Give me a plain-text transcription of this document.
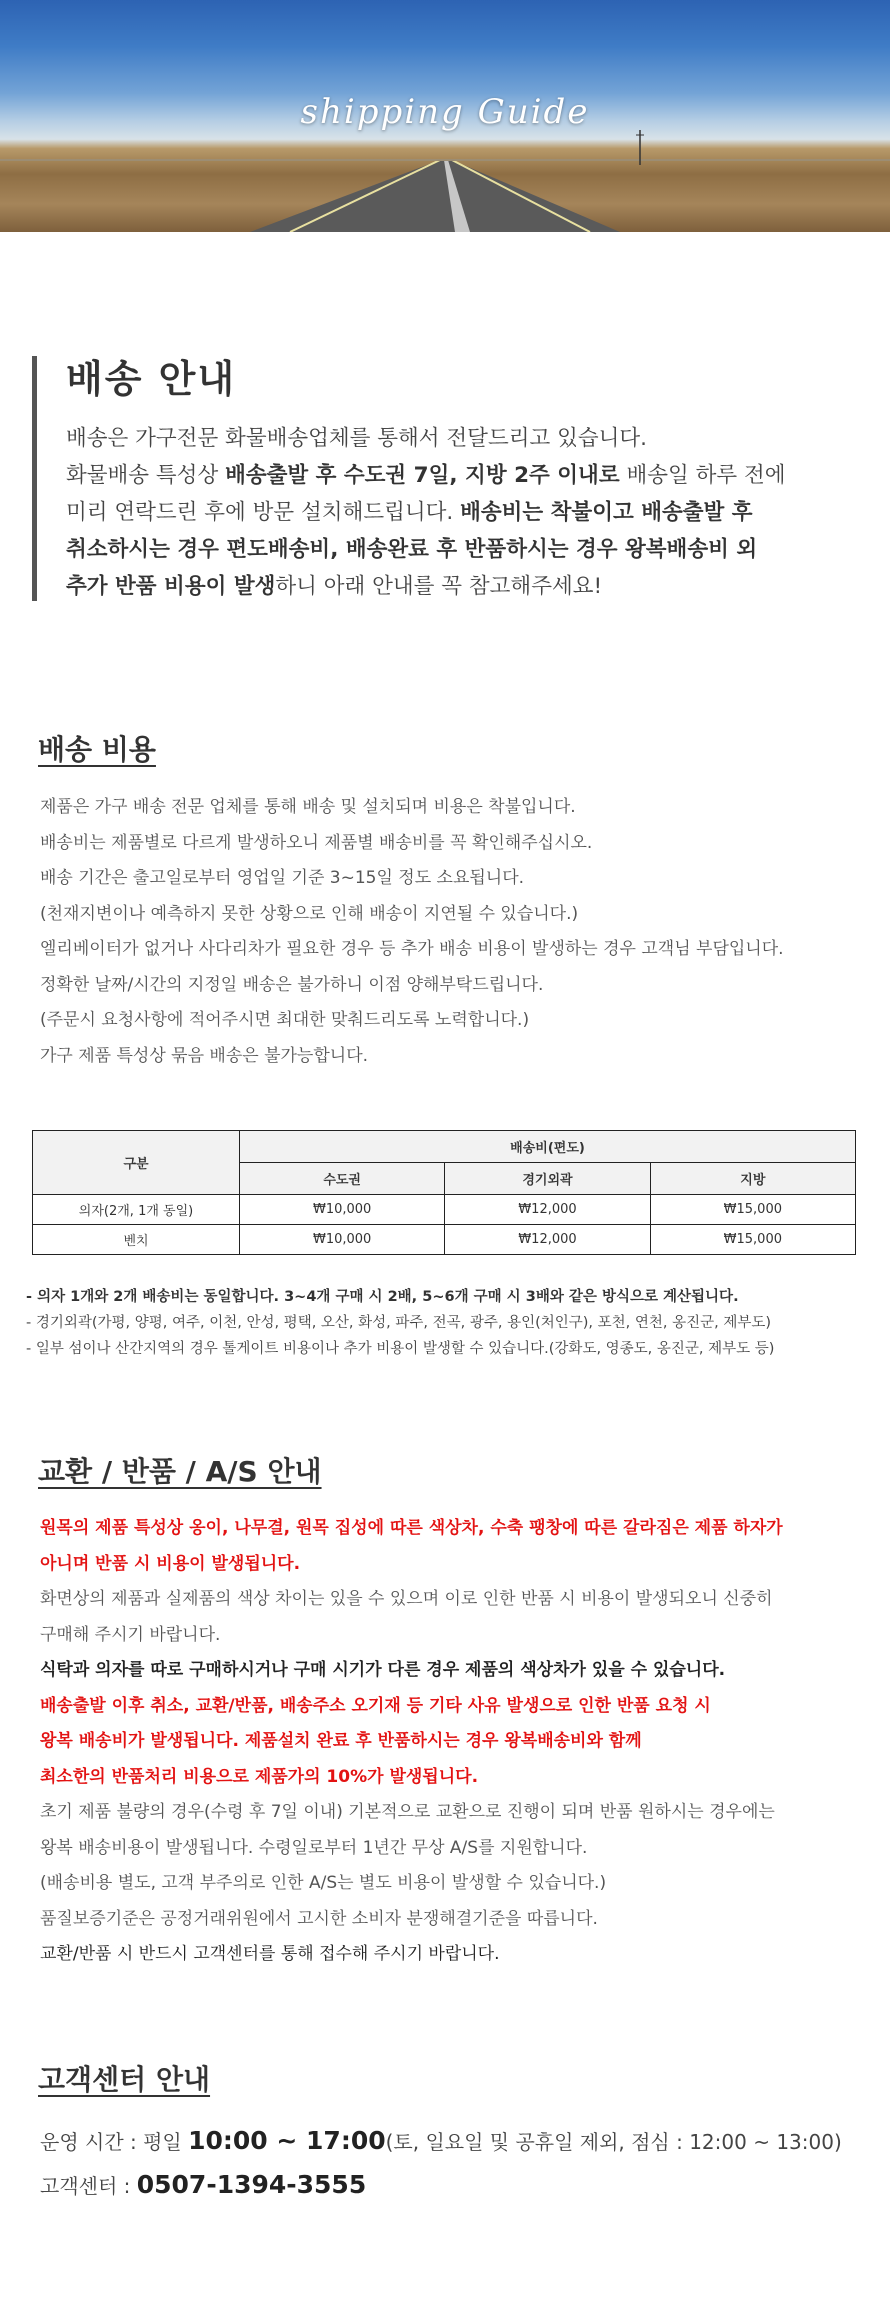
shipping Guide
배송 안내
배송은 가구전문 화물배송업체를 통해서 전달드리고 있습니다.
화물배송 특성상 배송출발 후 수도권 7일, 지방 2주 이내로 배송일 하루 전에
미리 연락드린 후에 방문 설치해드립니다. 배송비는 착불이고 배송출발 후
취소하시는 경우 편도배송비, 배송완료 후 반품하시는 경우 왕복배송비 외
추가 반품 비용이 발생하니 아래 안내를 꼭 참고해주세요!
배송 비용
제품은 가구 배송 전문 업체를 통해 배송 및 설치되며 비용은 착불입니다.
배송비는 제품별로 다르게 발생하오니 제품별 배송비를 꼭 확인해주십시오.
배송 기간은 출고일로부터 영업일 기준 3~15일 정도 소요됩니다.
(천재지변이나 예측하지 못한 상황으로 인해 배송이 지연될 수 있습니다.)
엘리베이터가 없거나 사다리차가 필요한 경우 등 추가 배송 비용이 발생하는 경우 고객님 부담입니다.
정확한 날짜/시간의 지정일 배송은 불가하니 이점 양해부탁드립니다.
(주문시 요청사항에 적어주시면 최대한 맞춰드리도록 노력합니다.)
가구 제품 특성상 묶음 배송은 불가능합니다.
구분	배송비(편도)		
	수도권	경기외곽	지방
의자(2개, 1개 동일)	₩10,000	₩12,000	₩15,000
벤치	₩10,000	₩12,000	₩15,000
- 의자 1개와 2개 배송비는 동일합니다. 3~4개 구매 시 2배, 5~6개 구매 시 3배와 같은 방식으로 계산됩니다.
- 경기외곽(가평, 양평, 여주, 이천, 안성, 평택, 오산, 화성, 파주, 전곡, 광주, 용인(처인구), 포천, 연천, 옹진군, 제부도)
- 일부 섬이나 산간지역의 경우 톨게이트 비용이나 추가 비용이 발생할 수 있습니다.(강화도, 영종도, 옹진군, 제부도 등)
교환 / 반품 / A/S 안내
원목의 제품 특성상 옹이, 나무결, 원목 집성에 따른 색상차, 수축 팽창에 따른 갈라짐은 제품 하자가
아니며 반품 시 비용이 발생됩니다.
화면상의 제품과 실제품의 색상 차이는 있을 수 있으며 이로 인한 반품 시 비용이 발생되오니 신중히
구매해 주시기 바랍니다.
식탁과 의자를 따로 구매하시거나 구매 시기가 다른 경우 제품의 색상차가 있을 수 있습니다.
배송출발 이후 취소, 교환/반품, 배송주소 오기재 등 기타 사유 발생으로 인한 반품 요청 시
왕복 배송비가 발생됩니다. 제품설치 완료 후 반품하시는 경우 왕복배송비와 함께
최소한의 반품처리 비용으로 제품가의 10%가 발생됩니다.
초기 제품 불량의 경우(수령 후 7일 이내) 기본적으로 교환으로 진행이 되며 반품 원하시는 경우에는
왕복 배송비용이 발생됩니다. 수령일로부터 1년간 무상 A/S를 지원합니다.
(배송비용 별도, 고객 부주의로 인한 A/S는 별도 비용이 발생할 수 있습니다.)
품질보증기준은 공정거래위원에서 고시한 소비자 분쟁해결기준을 따릅니다.
교환/반품 시 반드시 고객센터를 통해 접수해 주시기 바랍니다.
고객센터 안내
운영 시간 : 평일 10:00 ~ 17:00(토, 일요일 및 공휴일 제외, 점심 : 12:00 ~ 13:00)
고객센터 : 0507-1394-3555
